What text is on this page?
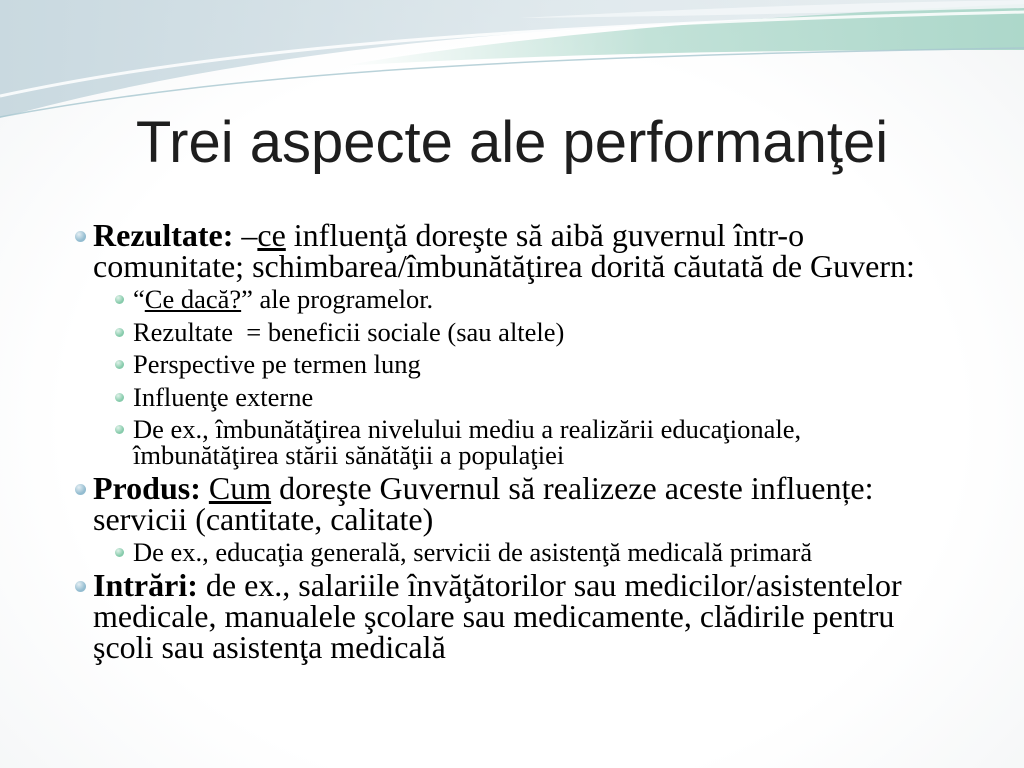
Trei aspecte ale performanţei
Rezultate: –ce influenţă doreşte să aibă guvernul într-o comunitate; schimbarea/îmbunătăţirea dorită căutată de Guvern:
“Ce dacă?” ale programelor.
Rezultate  = beneficii sociale (sau altele)
Perspective pe termen lung
Influenţe externe
De ex., îmbunătăţirea nivelului mediu a realizării educaţionale, îmbunătăţirea stării sănătăţii a populaţiei
Produs: Cum doreşte Guvernul să realizeze aceste influențe: servicii (cantitate, calitate)
De ex., educaţia generală, servicii de asistenţă medicală primară
Intrări: de ex., salariile învăţătorilor sau medicilor/asistentelor medicale, manualele şcolare sau medicamente, clădirile pentru şcoli sau asistenţa medicală
